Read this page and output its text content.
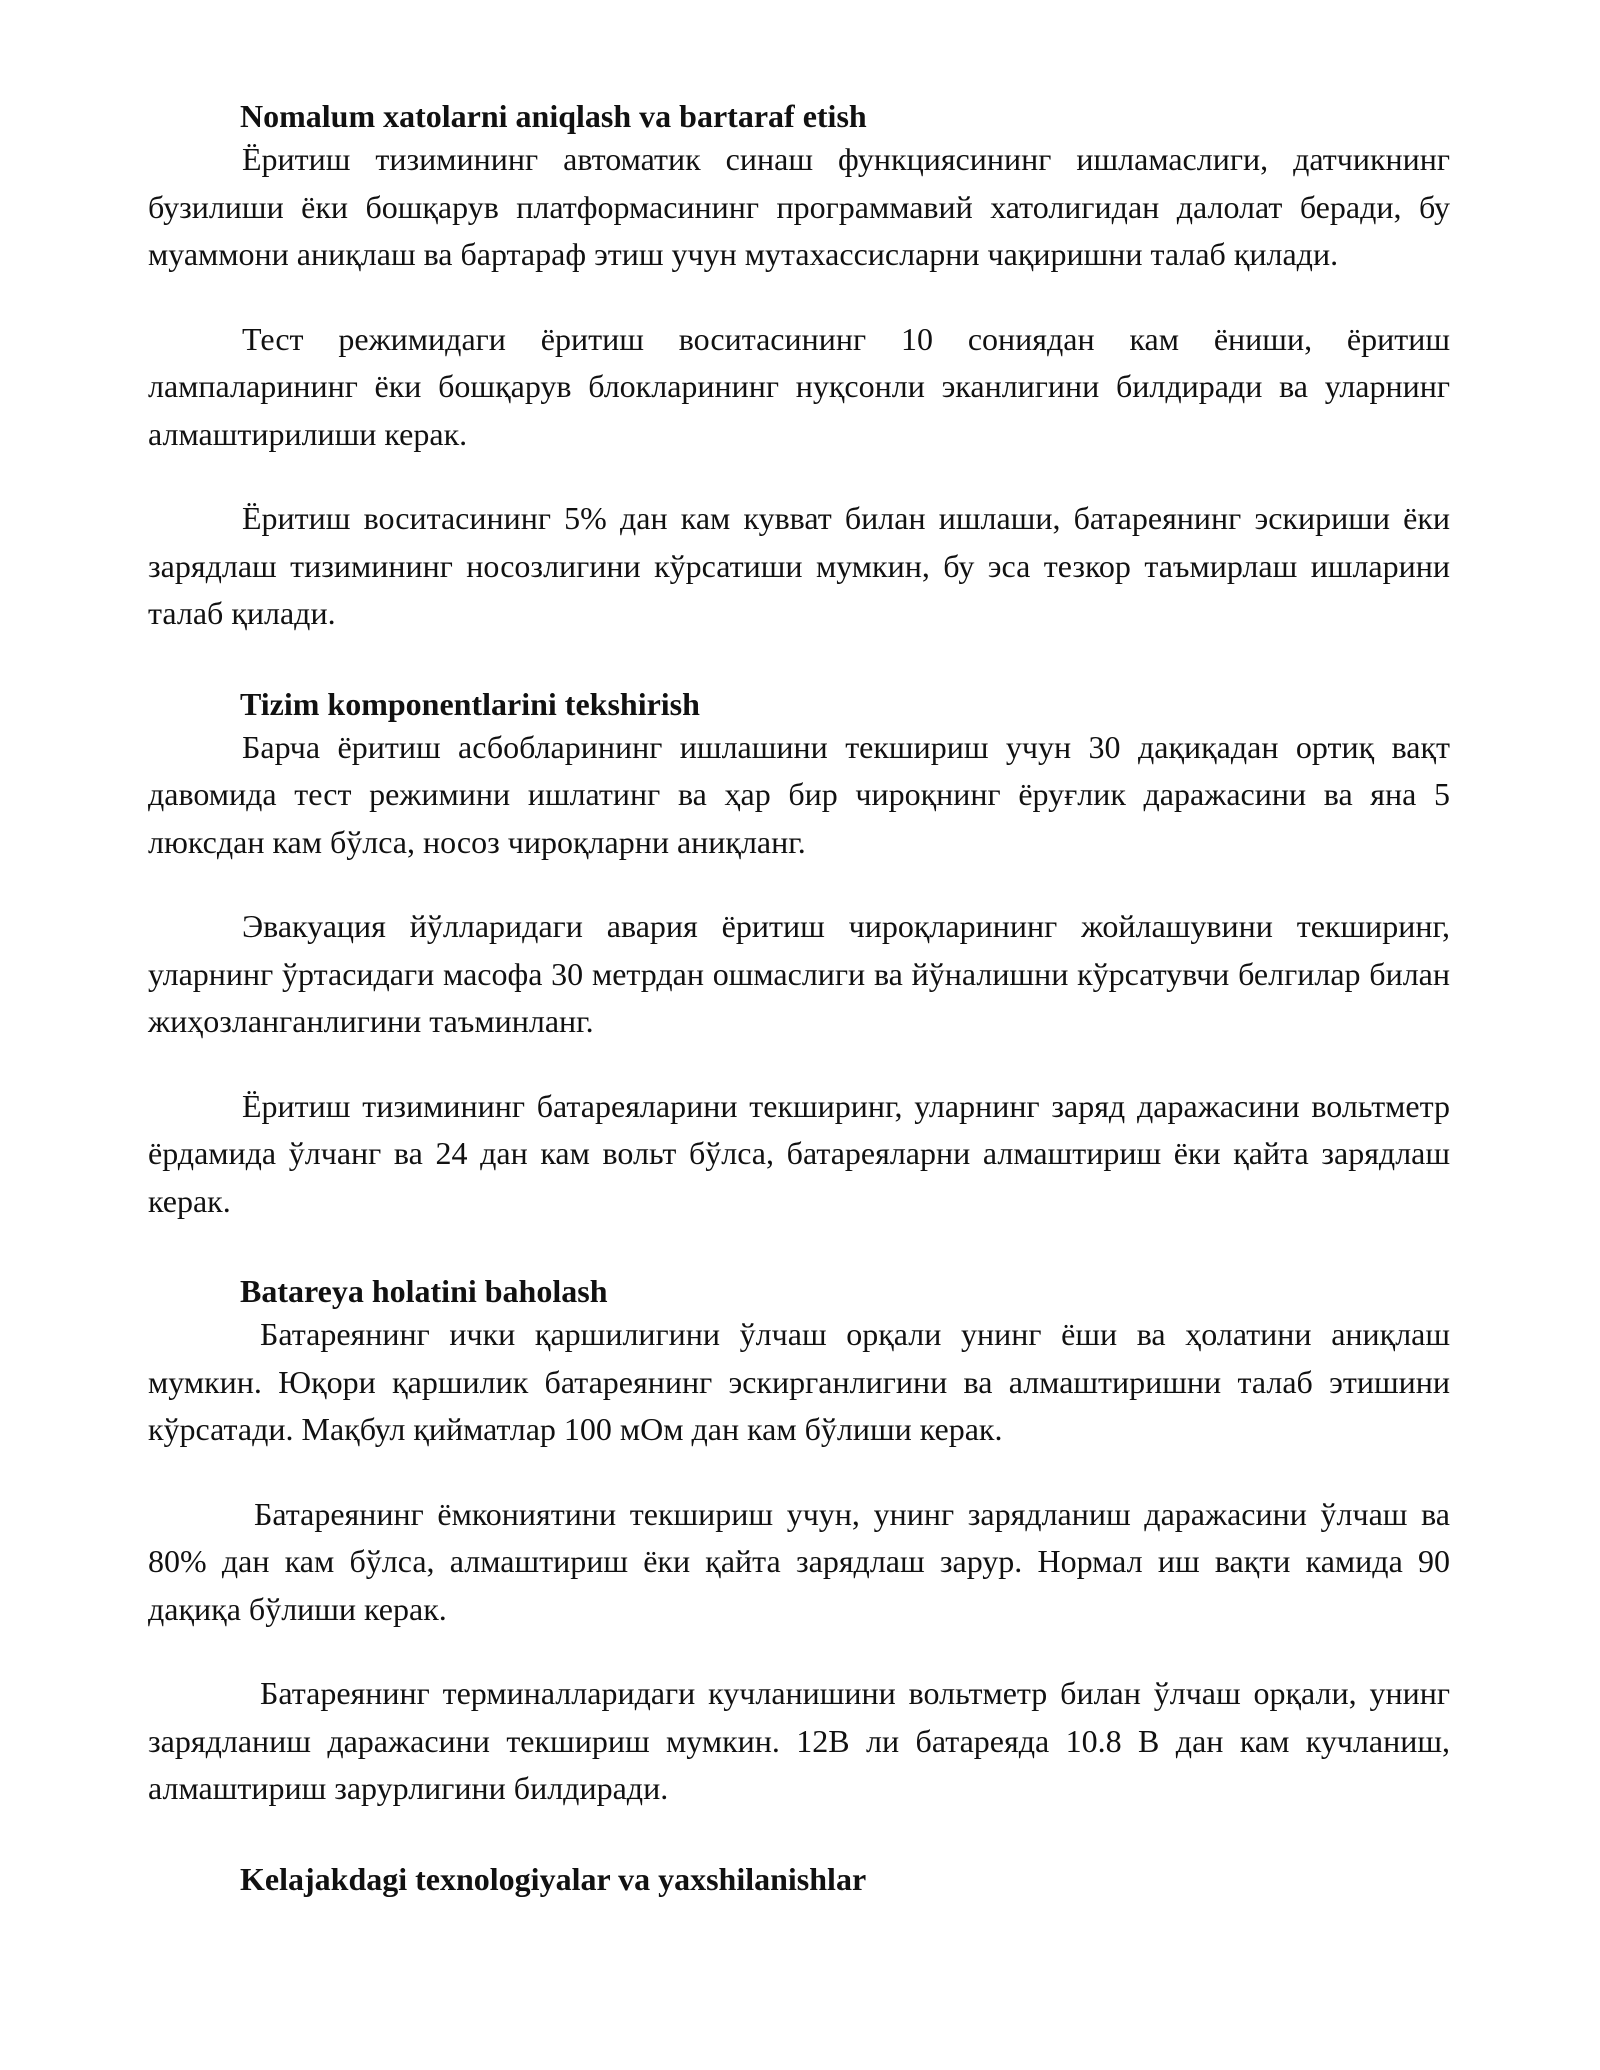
Nomalum xatolarni aniqlash va bartaraf etish

Ёритиш тизимининг автоматик синаш функциясининг ишламаслиги, датчикнинг бузилиши ёки бошқарув платформасининг программавий хатолигидан далолат беради, бу муаммони аниқлаш ва бартараф этиш учун мутахассисларни чақиришни талаб қилади.

Тест режимидаги ёритиш воситасининг 10 сониядан кам ёниши, ёритиш лампаларининг ёки бошқарув блокларининг нуқсонли эканлигини билдиради ва уларнинг алмаштирилиши керак.

Ёритиш воситасининг 5% дан кам кувват билан ишлаши, батареянинг эскириши ёки зарядлаш тизимининг носозлигини кўрсатиши мумкин, бу эса тезкор таъмирлаш ишларини талаб қилади.

Tizim komponentlarini tekshirish

Барча ёритиш асбобларининг ишлашини текшириш учун 30 дақиқадан ортиқ вақт давомида тест режимини ишлатинг ва ҳар бир чироқнинг ёруғлик даражасини ва яна 5 люксдан кам бўлса, носоз чироқларни аниқланг.

Эвакуация йўлларидаги авария ёритиш чироқларининг жойлашувини текширинг, уларнинг ўртасидаги масофа 30 метрдан ошмаслиги ва йўналишни кўрсатувчи белгилар билан жиҳозланганлигини таъминланг.

Ёритиш тизимининг батареяларини текширинг, уларнинг заряд даражасини вольтметр ёрдамида ўлчанг ва 24 дан кам вольт бўлса, батареяларни алмаштириш ёки қайта зарядлаш керак.

Batareya holatini baholash

Батареянинг ички қаршилигини ўлчаш орқали унинг ёши ва ҳолатини аниқлаш мумкин. Юқори қаршилик батареянинг эскирганлигини ва алмаштиришни талаб этишини кўрсатади. Мақбул қийматлар 100 мОм дан кам бўлиши керак.

Батареянинг ёмкониятини текшириш учун, унинг зарядланиш даражасини ўлчаш ва 80% дан кам бўлса, алмаштириш ёки қайта зарядлаш зарур. Нормал иш вақти камида 90 дақиқа бўлиши керак.

Батареянинг терминалларидаги кучланишини вольтметр билан ўлчаш орқали, унинг зарядланиш даражасини текшириш мумкин. 12В ли батареяда 10.8 В дан кам кучланиш, алмаштириш зарурлигини билдиради.

Kelajakdagi texnologiyalar va yaxshilanishlar
